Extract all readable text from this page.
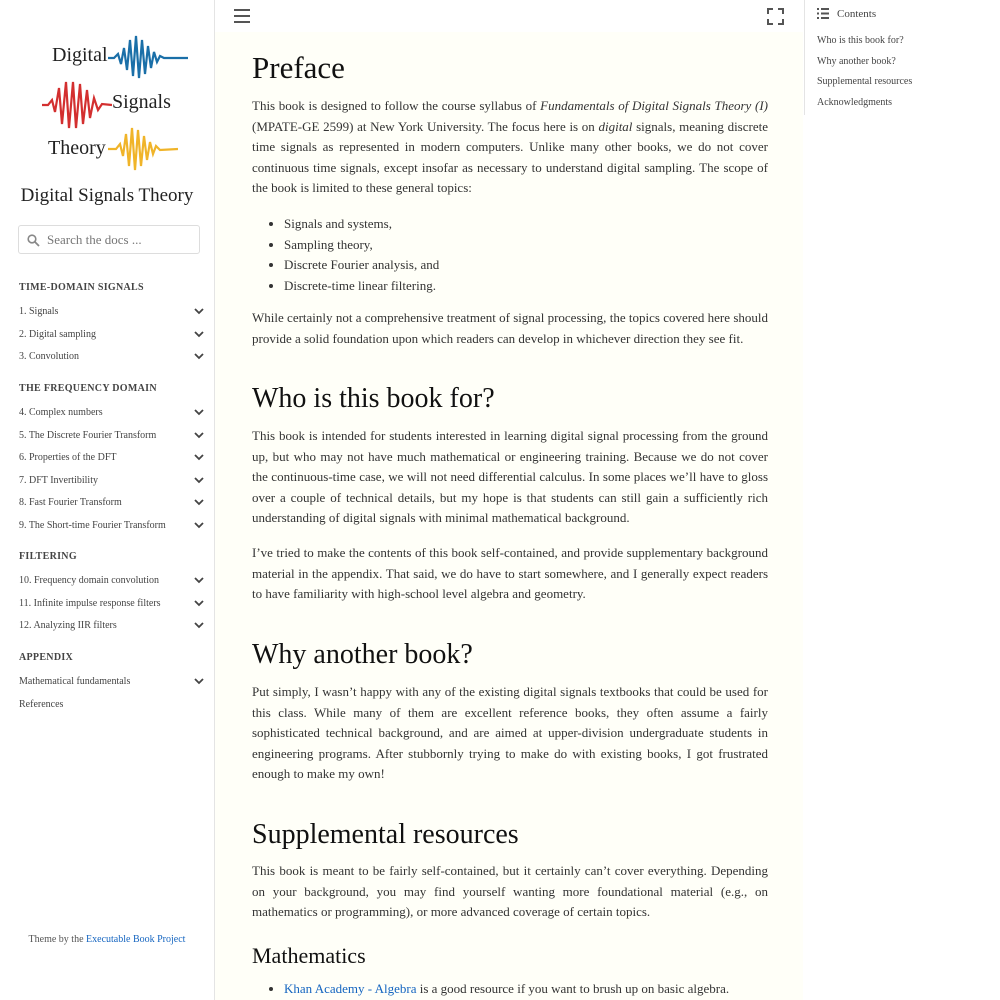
Digital
Signals
Theory
Digital Signals Theory
Search the docs ...
Theme by the Executable Book Project
TIME-DOMAIN SIGNALS
1. Signals
2. Digital sampling
3. Convolution
THE FREQUENCY DOMAIN
4. Complex numbers
5. The Discrete Fourier Transform
6. Properties of the DFT
7. DFT Invertibility
8. Fast Fourier Transform
9. The Short-time Fourier Transform
FILTERING
10. Frequency domain convolution
11. Infinite impulse response filters
12. Analyzing IIR filters
APPENDIX
Mathematical fundamentals
References
Preface

This book is designed to follow the course syllabus of Fundamentals of Digital Signals Theory (I) (MPATE-GE 2599) at New York University. The focus here is on digital signals, meaning discrete time signals as represented in modern computers. Unlike many other books, we do not cover continuous time signals, except insofar as necessary to understand digital sampling. The scope of the book is limited to these general topics:

• Signals and systems,
• Sampling theory,
• Discrete Fourier analysis, and
• Discrete-time linear filtering.

While certainly not a comprehensive treatment of signal processing, the topics covered here should provide a solid foundation upon which readers can develop in whichever direction they see fit.

Who is this book for?

This book is intended for students interested in learning digital signal processing from the ground up, but who may not have much mathematical or engineering training. Because we do not cover the continuous-time case, we will not need differential calculus. In some places we’ll have to gloss over a couple of technical details, but my hope is that students can still gain a sufficiently rich understanding of digital signals with minimal mathematical background.

I’ve tried to make the contents of this book self-contained, and provide supplementary background material in the appendix. That said, we do have to start somewhere, and I generally expect readers to have familiarity with high-school level algebra and geometry.

Why another book?

Put simply, I wasn’t happy with any of the existing digital signals textbooks that could be used for this class. While many of them are excellent reference books, they often assume a fairly sophisticated technical background, and are aimed at upper-division undergraduate students in engineering programs. After stubbornly trying to make do with existing books, I got frustrated enough to make my own!

Supplemental resources

This book is meant to be fairly self-contained, but it certainly can’t cover everything. Depending on your background, you may find yourself wanting more foundational material (e.g., on mathematics or programming), or more advanced coverage of certain topics.

Mathematics
• Khan Academy - Algebra is a good resource if you want to brush up on basic algebra.
Contents
Who is this book for?
Why another book?
Supplemental resources
Acknowledgments
